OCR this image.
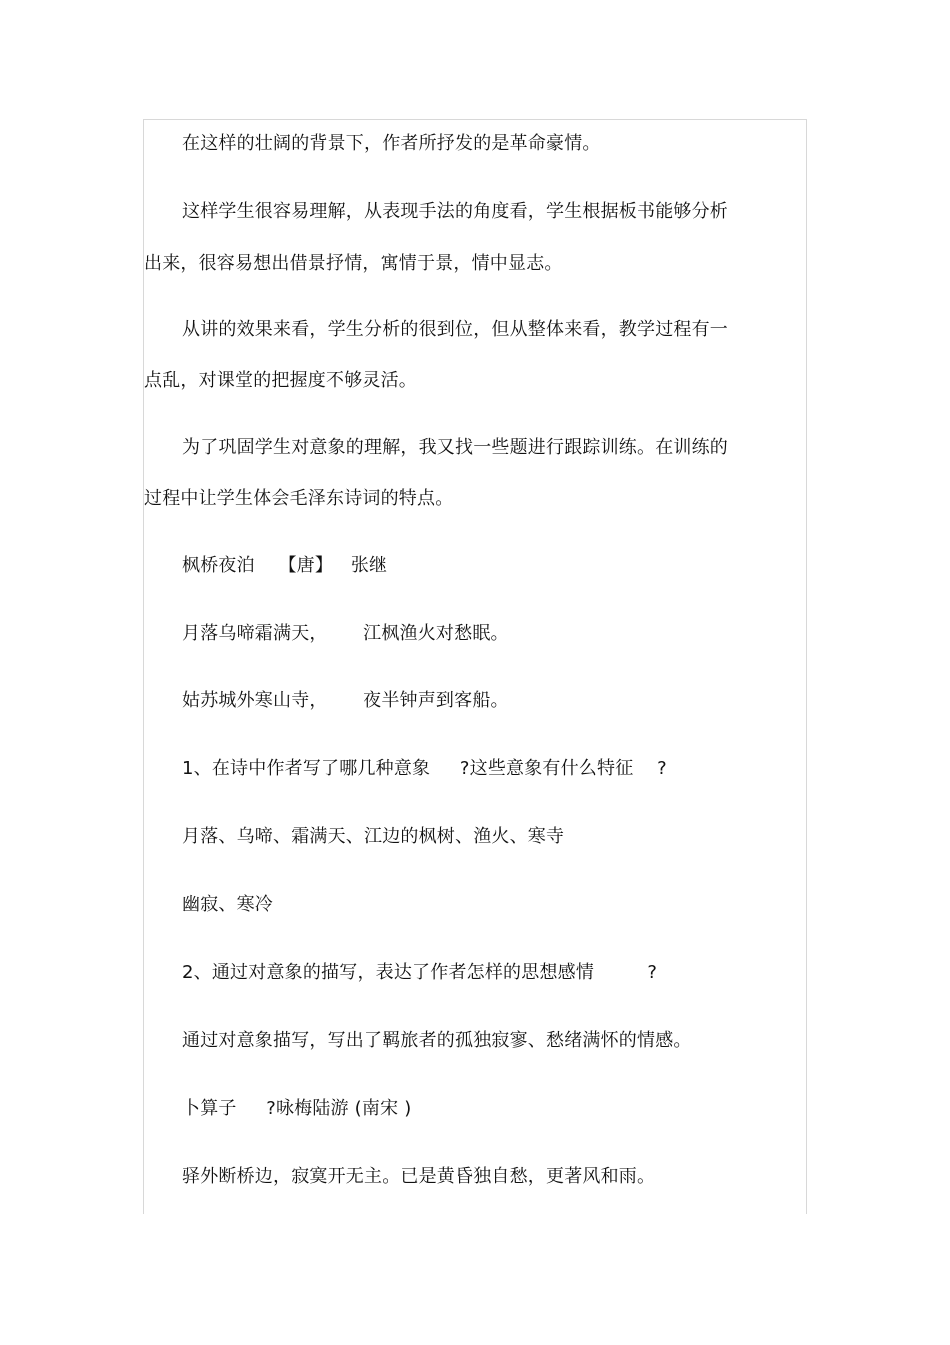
在这样的壮阔的背景下，作者所抒发的是革命豪情。
这样学生很容易理解，从表现手法的角度看，学生根据板书能够分析
出来，很容易想出借景抒情，寓情于景，情中显志。
从讲的效果来看，学生分析的很到位，但从整体来看，教学过程有一
点乱，对课堂的把握度不够灵活。
为了巩固学生对意象的理解，我又找一些题进行跟踪训练。在训练的
过程中让学生体会毛泽东诗词的特点。
枫桥夜泊    【唐】   张继
月落乌啼霜满天，      江枫渔火对愁眠。
姑苏城外寒山寺，      夜半钟声到客船。
1、在诗中作者写了哪几种意象     ?这些意象有什么特征    ?
月落、乌啼、霜满天、江边的枫树、渔火、寒寺
幽寂、寒冷
2、通过对意象的描写，表达了作者怎样的思想感情         ?
通过对意象描写，写出了羁旅者的孤独寂寥、愁绪满怀的情感。
卜算子     ?咏梅陆游 (南宋 )
驿外断桥边，寂寞开无主。已是黄昏独自愁，更著风和雨。
